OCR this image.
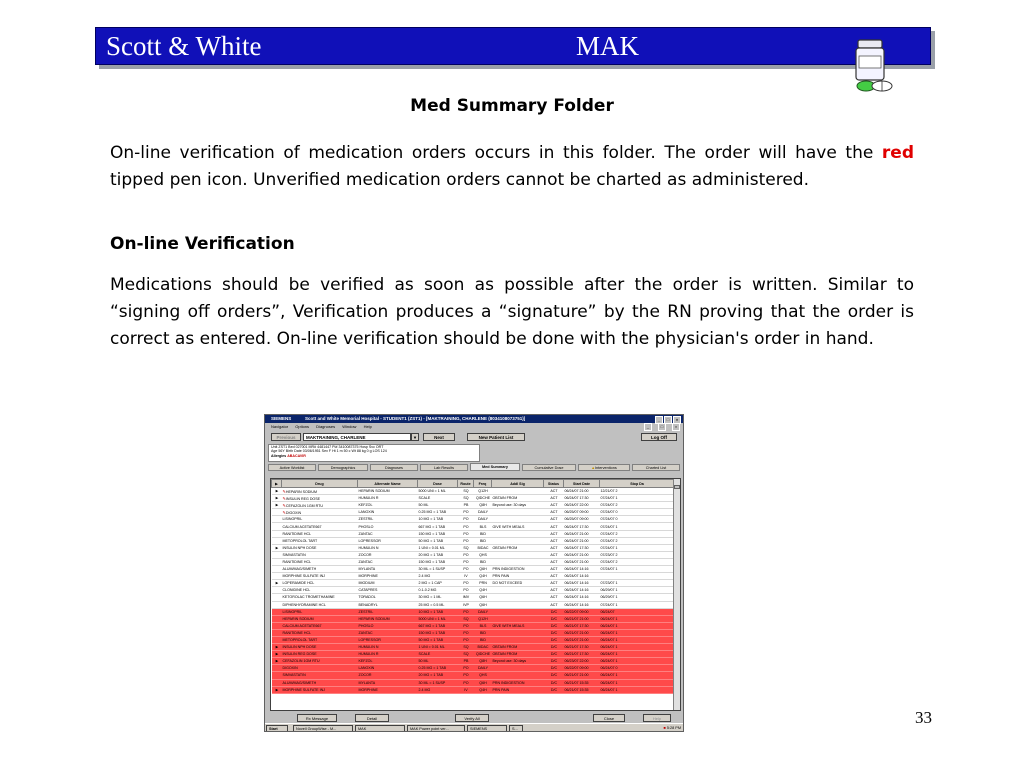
Scott & White	MAK
Med Summary Folder
On-line verification of medication orders occurs in this folder. The order will have the red tipped pen icon. Unverified medication orders cannot be charted as administered.
On-line Verification
Medications should be verified as soon as possible after the order is written. Similar to “signing off orders”, Verification produces a “signature” by the RN proving that the order is correct as entered. On-line verification should be done with the physician's order in hand.
SIEMENS	Scott and White Memorial Hospital - STUDENT1 (ZST1) - [MAKTRAINING, CHARLENE (8034108073751)]	_ □ ×
Navigator Options Diagnoses Window Help	_	□	×
Previous	MAKTRAINING, CHARLENE	▾	Next	New Patient List	Log Off
Unit ZST1 Bed 027001 MR# 4481447 PI# 3410087375 Hosp Svc ORT
Age 56Y Birth Date 03/06/1951 Sex F Ht 1 m 50 c Wt 88 kg 0 g LOS 124
Allergies ABACAVIR
Active Worklist	Demographics	Diagnoses	Lab Results	Med Summary	Cumulative Dose	▲Interventions	Charted List
▶	Drug	Alternate Name	Dose	Route	Freq	Addl Sig	Status	Start Date	Stop Da
▶	✎HEPARIN SODIUM	HEPARIN SODIUM	5000 UNI = 1 ML	SQ	Q12H		ACT	06/24/07 21:00	12/21/07 2
▶	✎INSULIN REG DOSE	HUMULIN R	SCALE	SQ	QIDCHE	OBTAIN FROM	ACT	06/24/07 17:30	07/24/07 1
▶	✎CEFAZOLIN 1GM RTU	KEFZOL	50 ML	PB	Q8H	Beyond use: 30 days	ACT	06/24/07 22:00	07/24/07 2
	✎DIGOXIN	LANOXIN	0.25 MG = 1 TAB	PO	DAILY		ACT	06/25/07 09:00	07/24/07 0
	LISINOPRIL	ZESTRIL	10 MG = 1 TAB	PO	DAILY		ACT	06/25/07 09:00	07/24/07 0
	CALCIUM ACETATE667	PHOSLO	667 MG = 1 TAB	PO	BLS	GIVE WITH MEALS	ACT	06/24/07 17:30	07/24/07 1
	RANITIDINE HCL	ZANTAC	150 MG = 1 TAB	PO	BID		ACT	06/24/07 21:00	07/24/07 2
	METOPROLOL TART	LOPRESSOR	50 MG = 1 TAB	PO	BID		ACT	06/24/07 21:00	07/24/07 2
▶	INSULIN NPH DOSE	HUMULIN N	1 UNI = 0.01 ML	SQ	BIDAC	OBTAIN FROM	ACT	06/24/07 17:30	07/24/07 1
	SIMVASTATIN	ZOCOR	20 MG = 1 TAB	PO	QHS		ACT	06/24/07 21:00	07/23/07 2
	RANITIDINE HCL	ZANTAC	150 MG = 1 TAB	PO	BID		ACT	06/24/07 21:00	07/24/07 2
	ALUM/MAG/SIMETH	MYLANTA	30 ML = 1 SUSP	PO	Q6H	PRN INDIGESTION	ACT	06/24/07 14:16	07/24/07 1
	MORPHINE SULFATE INJ	MORPHINE	2.4 MG	IV	Q4H	PRN PAIN	ACT	06/24/07 14:16	
▶	LOPERAMIDE HCL	IMODIUM	2 MG = 1 CAP	PO	PRN	DO NOT EXCEED	ACT	06/24/07 14:16	07/23/07 1
	CLONIDINE HCL	CATAPRES	0.1-0.2 MG	PO	Q4H		ACT	06/24/07 14:16	06/29/07 1
	KETOROLAC TROMETHAMINE	TORADOL	30 MG = 1 ML	IMV	Q6H		ACT	06/24/07 14:16	06/29/07 1
	DIPHENHYDRAMINE HCL	BENADRYL	25 MG = 0.5 ML	IVP	Q6H		ACT	06/24/07 14:16	07/24/07 1
	LISINOPRIL	ZESTRIL	10 MG = 1 TAB	PO	DAILY		D/C	06/22/07 09:00	06/24/07
	HEPARIN SODIUM	HEPARIN SODIUM	5000 UNI = 1 ML	SQ	Q12H		D/C	06/21/07 21:00	06/24/07 1
	CALCIUM ACETATE667	PHOSLO	667 MG = 1 TAB	PO	BLS	GIVE WITH MEALS	D/C	06/21/07 17:30	06/24/07 1
	RANITIDINE HCL	ZANTAC	150 MG = 1 TAB	PO	BID		D/C	06/21/07 21:00	06/24/07 1
	METOPROLOL TART	LOPRESSOR	50 MG = 1 TAB	PO	BID		D/C	06/21/07 21:00	06/24/07 1
▶	INSULIN NPH DOSE	HUMULIN N	1 UNI = 0.01 ML	SQ	BIDAC	OBTAIN FROM	D/C	06/21/07 17:30	06/24/07 1
▶	INSULIN REG DOSE	HUMULIN R	SCALE	SQ	QIDCHE	OBTAIN FROM	D/C	06/21/07 17:30	06/24/07 1
▶	CEFAZOLIN 1GM RTU	KEFZOL	50 ML	PB	Q8H	Beyond use: 30 days	D/C	06/23/07 22:00	06/24/07 1
	DIGOXIN	LANOXIN	0.25 MG = 1 TAB	PO	DAILY		D/C	06/22/07 09:00	06/24/07 0
	SIMVASTATIN	ZOCOR	20 MG = 1 TAB	PO	QHS		D/C	06/21/07 21:00	06/24/07 1
	ALUM/MAG/SIMETH	MYLANTA	30 ML = 1 SUSP	PO	Q6H	PRN INDIGESTION	D/C	06/21/07 15:35	06/24/07 1
▶	MORPHINE SULFATE INJ	MORPHINE	2.4 MG	IV	Q4H	PRN PAIN	D/C	06/21/07 15:35	06/24/07 1
Rx Message	Detail	Verify All	Close	Help
Start	Novell GroupWise - M...	MAK	MAK Power point ver...	SIEMENS	S...	■ 5:28 PM
33
